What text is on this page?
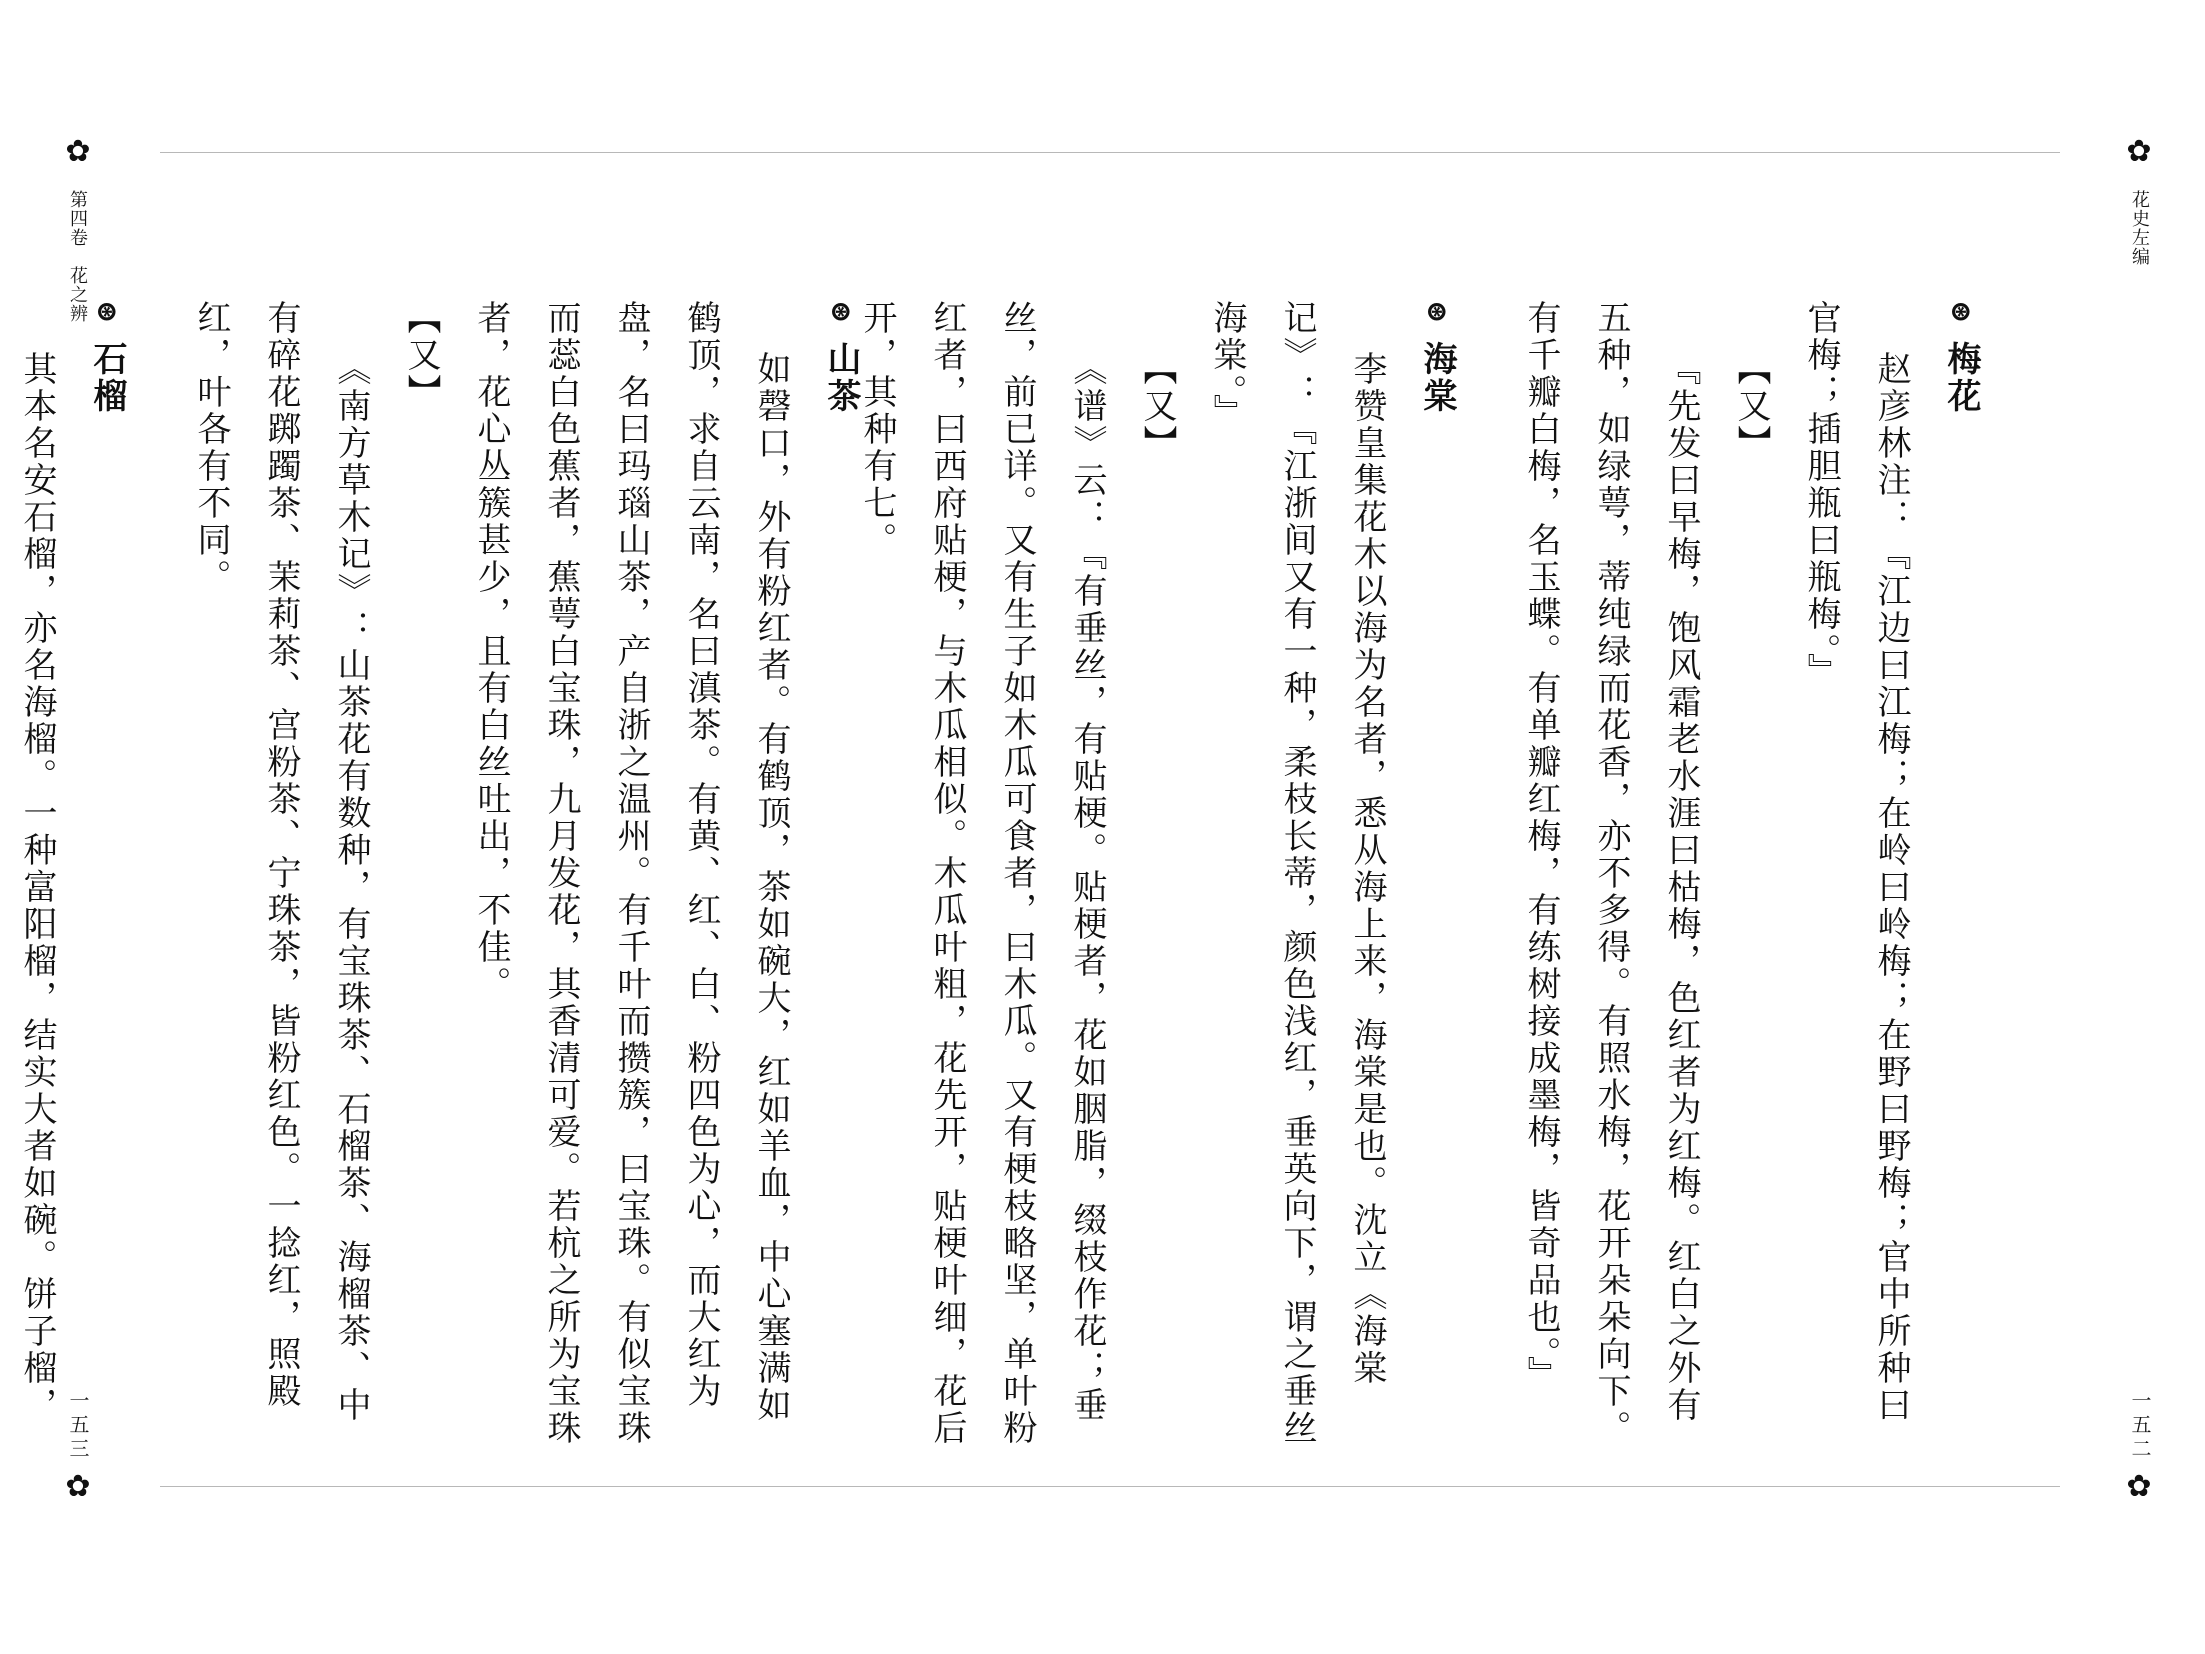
✿
✿
✿
✿
第四卷　花之辨
一五三
花史左编
一五二

⊛ 梅花

赵彦林注：『江边曰江梅；在岭曰岭梅；在野曰野梅；官中所种曰官梅；插胆瓶曰瓶梅。』

【又】

『先发曰早梅，饱风霜老水涯曰枯梅，色红者为红梅。红白之外有五种，如绿萼，蒂纯绿而花香，亦不多得。有照水梅，花开朵朵向下。有千瓣白梅，名玉蝶。有单瓣红梅，有练树接成墨梅，皆奇品也。』

⊛ 海棠

李赞皇集花木以海为名者，悉从海上来，海棠是也。沈立《海棠记》：『江浙间又有一种，柔枝长蒂，颜色浅红，垂英向下，谓之垂丝海棠。』

【又】

《谱》云：『有垂丝，有贴梗。贴梗者，花如胭脂，缀枝作花；垂丝，前已详。又有生子如木瓜可食者，曰木瓜。又有梗枝略坚，单叶粉红者，曰西府贴梗，与木瓜相似。木瓜叶粗，花先开，贴梗叶细，花后开，其种有七。

⊛ 山茶

如磬口，外有粉红者。有鹤顶，茶如碗大，红如羊血，中心塞满如鹤顶，求自云南，名曰滇茶。有黄、红、白、粉四色为心，而大红为盘，名曰玛瑙山茶，产自浙之温州。有千叶而攒簇，曰宝珠。有似宝珠而蕊白色蕉者，蕉萼白宝珠，九月发花，其香清可爱。若杭之所为宝珠者，花心丛簇甚少，且有白丝吐出，不佳。

【又】

《南方草木记》：山茶花有数种，有宝珠茶、石榴茶、海榴茶、中有碎花踯躅茶、茉莉茶、宫粉茶、宁珠茶，皆粉红色。一捻红，照殿红，叶各有不同。

⊛ 石榴

其本名安石榴，亦名海榴。一种富阳榴，结实大者如碗。饼子榴，
